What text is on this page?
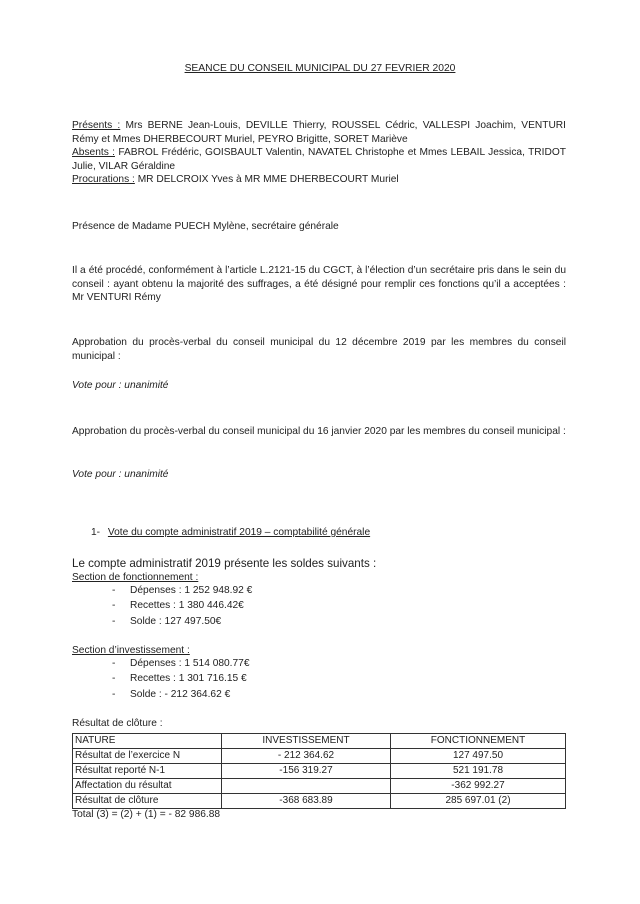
SEANCE DU CONSEIL MUNICIPAL DU 27 FEVRIER 2020
Présents : Mrs BERNE Jean-Louis, DEVILLE Thierry, ROUSSEL Cédric, VALLESPI Joachim, VENTURI Rémy et Mmes DHERBECOURT Muriel, PEYRO Brigitte, SORET Mariève
Absents : FABROL Frédéric, GOISBAULT Valentin, NAVATEL Christophe et Mmes LEBAIL Jessica, TRIDOT Julie, VILAR Géraldine
Procurations : MR DELCROIX Yves à MR MME DHERBECOURT Muriel
Présence de Madame PUECH Mylène, secrétaire générale
Il a été procédé, conformément à l’article L.2121-15 du CGCT, à l’élection d’un secrétaire pris dans le sein du conseil : ayant obtenu la majorité des suffrages, a été désigné pour remplir ces fonctions qu’il a acceptées : Mr VENTURI Rémy
Approbation du procès-verbal du conseil municipal du 12 décembre 2019 par les membres du conseil municipal :
Vote pour : unanimité
Approbation du procès-verbal du conseil municipal du 16 janvier 2020 par les membres du conseil municipal :
Vote pour : unanimité
1- Vote du compte administratif 2019 – comptabilité générale
Le compte administratif 2019 présente les soldes suivants :
Section de fonctionnement :
- Dépenses : 1 252 948.92 €
- Recettes : 1 380 446.42€
- Solde : 127 497.50€
Section d’investissement :
- Dépenses : 1 514 080.77€
- Recettes : 1 301 716.15 €
- Solde : - 212 364.62 €
Résultat de clôture :
NATURE	INVESTISSEMENT	FONCTIONNEMENT
Résultat de l’exercice N	- 212 364.62	127 497.50
Résultat reporté N-1	-156 319.27	521 191.78
Affectation du résultat		-362 992.27
Résultat de clôture	-368 683.89	285 697.01 (2)
Total (3) = (2) + (1) = - 82 986.88
